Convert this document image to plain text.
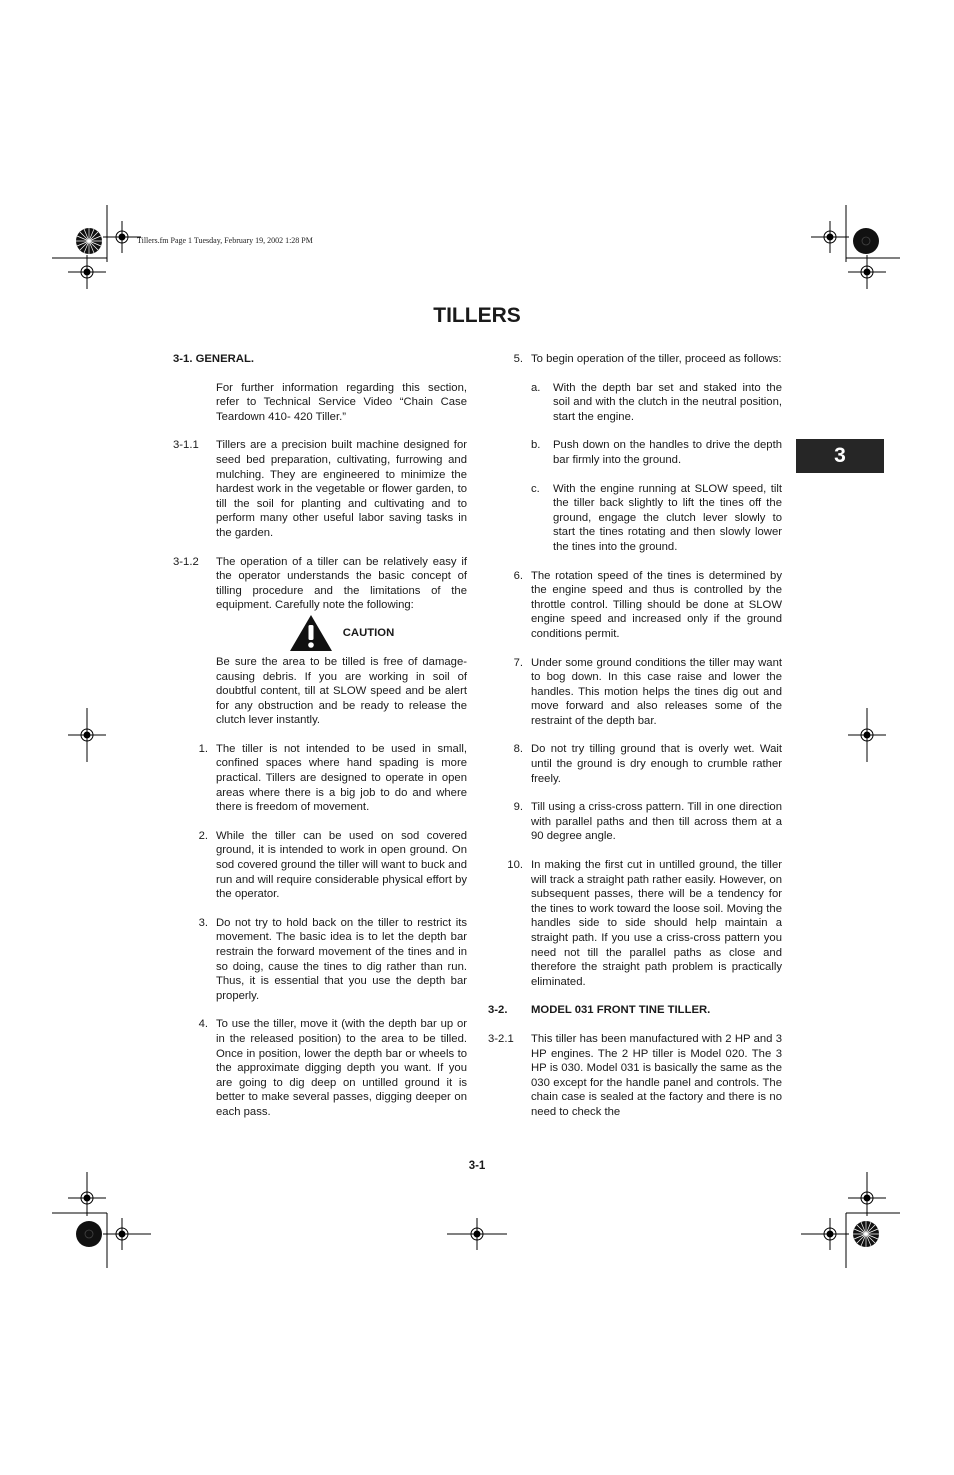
Tillers.fm Page 1 Tuesday, February 19, 2002 1:28 PM
TILLERS
3
3-1.
GENERAL.
For further information regarding this section, refer to Technical Service Video “Chain Case Teardown 410- 420 Tiller.”
3-1.1	Tillers are a precision built machine designed for seed bed preparation, cultivating, furrowing and mulching. They are engineered to minimize the hardest work in the vegetable or flower garden, to till the soil for planting and cultivating and to perform many other useful labor saving tasks in the garden.
3-1.2	The operation of a tiller can be relatively easy if the operator understands the basic concept of tilling procedure and the limitations of the equipment. Carefully note the following:
CAUTION
Be sure the area to be tilled is free of damage-causing debris. If you are working in soil of doubtful content, till at SLOW speed and be alert for any obstruction and be ready to release the clutch lever instantly.
1. The tiller is not intended to be used in small, confined spaces where hand spading is more practical. Tillers are designed to operate in open areas where there is a big job to do and where there is freedom of movement.
2. While the tiller can be used on sod covered ground, it is intended to work in open ground. On sod covered ground the tiller will want to buck and run and will require considerable physical effort by the operator.
3. Do not try to hold back on the tiller to restrict its movement. The basic idea is to let the depth bar restrain the forward movement of the tines and in so doing, cause the tines to dig rather than run. Thus, it is essential that you use the depth bar properly.
4. To use the tiller, move it (with the depth bar up or in the released position) to the area to be tilled. Once in position, lower the depth bar or wheels to the approximate digging depth you want. If you are going to dig deep on untilled ground it is better to make several passes, digging deeper on each pass.
5. To begin operation of the tiller, proceed as follows:
a.	With the depth bar set and staked into the soil and with the clutch in the neutral position, start the engine.
b.	Push down on the handles to drive the depth bar firmly into the ground.
c.	With the engine running at SLOW speed, tilt the tiller back slightly to lift the tines off the ground, engage the clutch lever slowly to start the tines rotating and then slowly lower the tines into the ground.
6. The rotation speed of the tines is determined by the engine speed and thus is controlled by the throttle control. Tilling should be done at SLOW engine speed and increased only if the ground conditions permit.
7. Under some ground conditions the tiller may want to bog down. In this case raise and lower the handles. This motion helps the tines dig out and move forward and also releases some of the restraint of the depth bar.
8. Do not try tilling ground that is overly wet. Wait until the ground is dry enough to crumble rather freely.
9. Till using a criss-cross pattern. Till in one direction with parallel paths and then till across them at a 90 degree angle.
10. In making the first cut in untilled ground, the tiller will track a straight path rather easily. However, on subsequent passes, there will be a tendency for the tines to work toward the loose soil. Moving the handles side to side should help maintain a straight path. If you use a criss-cross pattern you need not till the parallel paths as close and therefore the straight path problem is practically eliminated.
3-2.	MODEL 031 FRONT TINE TILLER.
3-2.1	This tiller has been manufactured with 2 HP and 3 HP engines. The 2 HP tiller is Model 020. The 3 HP is 030. Model 031 is basically the same as the 030 except for the handle panel and controls. The chain case is sealed at the factory and there is no need to check the
3-1
